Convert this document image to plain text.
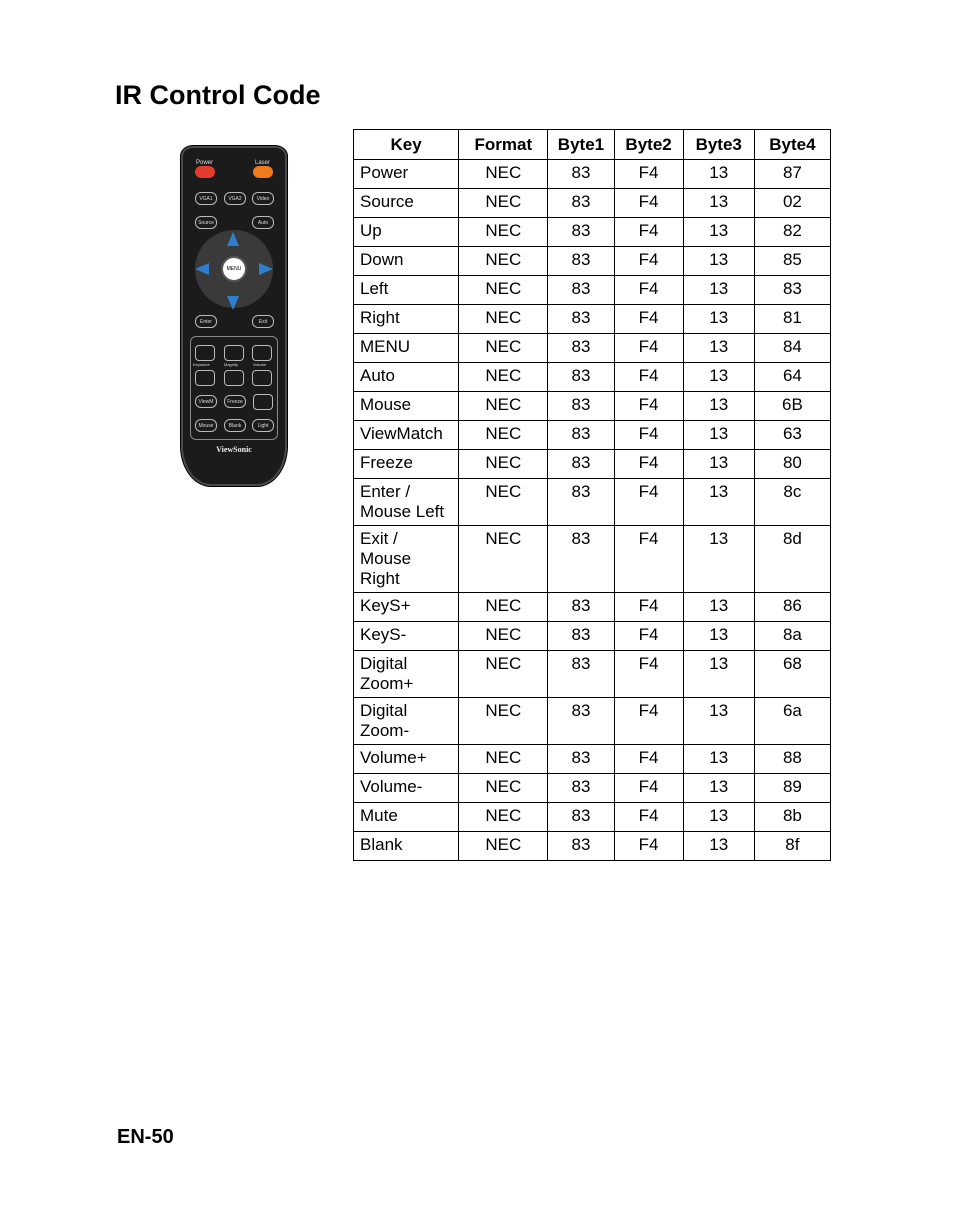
IR Control Code
Power	Laser
VGA1	VGA2	Video
Source	Auto
MENU
Enter	Exit
Keystone	Magnify	Volume
ViewM	Freeze
Mouse	Blank	Light
ViewSonic
Key	Format	Byte1	Byte2	Byte3	Byte4
Power	NEC	83	F4	13	87
Source	NEC	83	F4	13	02
Up	NEC	83	F4	13	82
Down	NEC	83	F4	13	85
Left	NEC	83	F4	13	83
Right	NEC	83	F4	13	81
MENU	NEC	83	F4	13	84
Auto	NEC	83	F4	13	64
Mouse	NEC	83	F4	13	6B
ViewMatch	NEC	83	F4	13	63
Freeze	NEC	83	F4	13	80
Enter / Mouse Left	NEC	83	F4	13	8c
Exit / Mouse Right	NEC	83	F4	13	8d
KeyS+	NEC	83	F4	13	86
KeyS-	NEC	83	F4	13	8a
Digital Zoom+	NEC	83	F4	13	68
Digital Zoom-	NEC	83	F4	13	6a
Volume+	NEC	83	F4	13	88
Volume-	NEC	83	F4	13	89
Mute	NEC	83	F4	13	8b
Blank	NEC	83	F4	13	8f
EN-50
